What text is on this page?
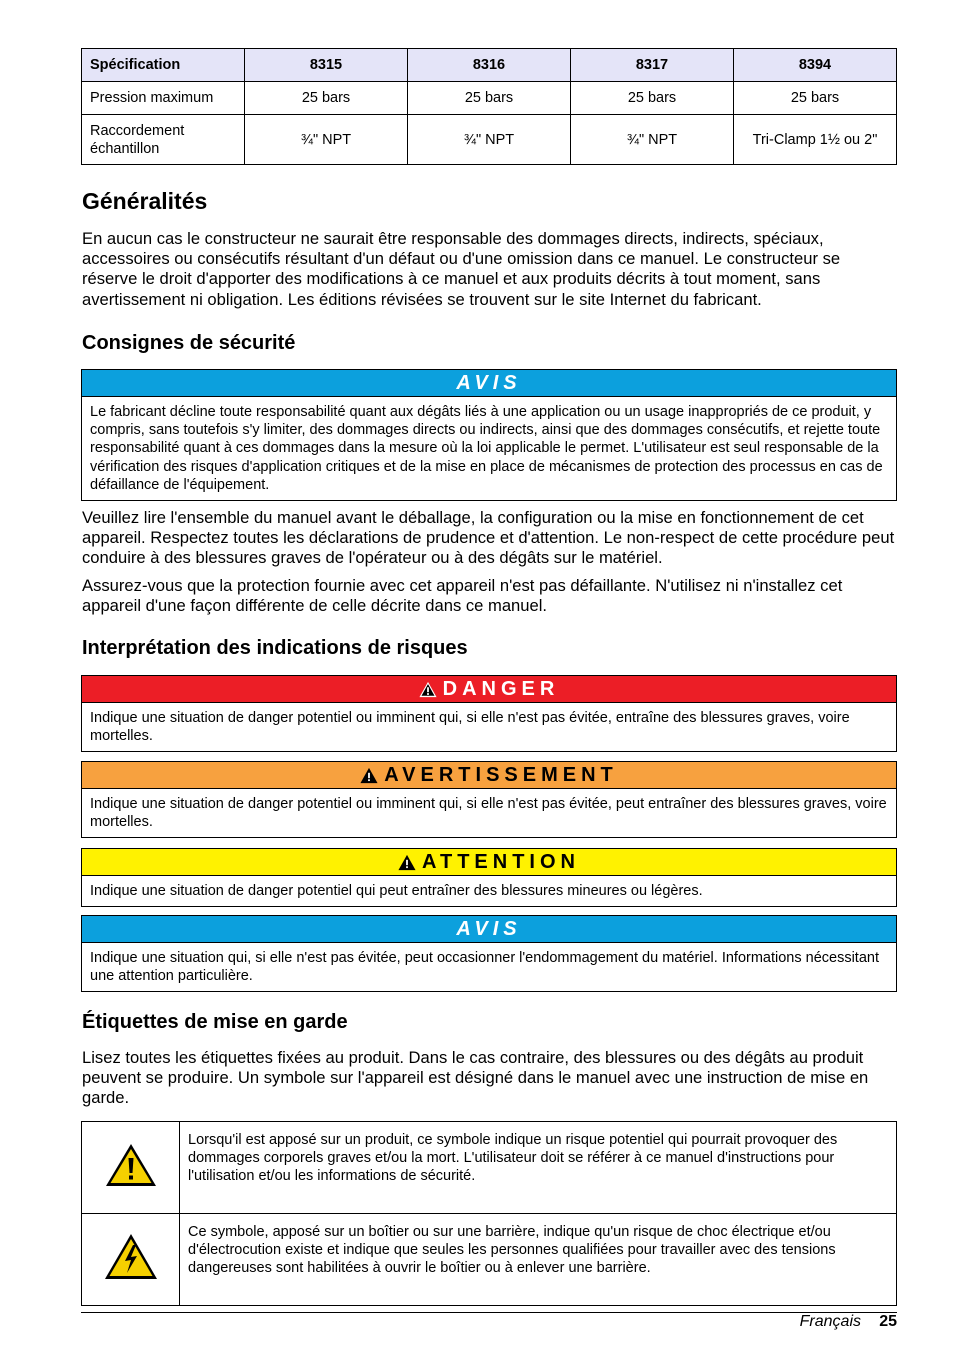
Spécification	8315	8316	8317	8394
Pression maximum	25 bars	25 bars	25 bars	25 bars
Raccordement échantillon	¾" NPT	¾" NPT	¾" NPT	Tri-Clamp 1½ ou 2"
Généralités

En aucun cas le constructeur ne saurait être responsable des dommages directs, indirects, spéciaux, accessoires ou consécutifs résultant d'un défaut ou d'une omission dans ce manuel. Le constructeur se réserve le droit d'apporter des modifications à ce manuel et aux produits décrits à tout moment, sans avertissement ni obligation. Les éditions révisées se trouvent sur le site Internet du fabricant.

Consignes de sécurité
AVIS
Le fabricant décline toute responsabilité quant aux dégâts liés à une application ou un usage inappropriés de ce produit, y compris, sans toutefois s'y limiter, des dommages directs ou indirects, ainsi que des dommages consécutifs, et rejette toute responsabilité quant à ces dommages dans la mesure où la loi applicable le permet. L'utilisateur est seul responsable de la vérification des risques d'application critiques et de la mise en place de mécanismes de protection des processus en cas de défaillance de l'équipement.

Veuillez lire l'ensemble du manuel avant le déballage, la configuration ou la mise en fonctionnement de cet appareil. Respectez toutes les déclarations de prudence et d'attention. Le non-respect de cette procédure peut conduire à des blessures graves de l'opérateur ou à des dégâts sur le matériel.

Assurez-vous que la protection fournie avec cet appareil n'est pas défaillante. N'utilisez ni n'installez cet appareil d'une façon différente de celle décrite dans ce manuel.

Interprétation des indications de risques
DANGER
Indique une situation de danger potentiel ou imminent qui, si elle n'est pas évitée, entraîne des blessures graves, voire mortelles.
AVERTISSEMENT
Indique une situation de danger potentiel ou imminent qui, si elle n'est pas évitée, peut entraîner des blessures graves, voire mortelles.
ATTENTION
Indique une situation de danger potentiel qui peut entraîner des blessures mineures ou légères.
AVIS
Indique une situation qui, si elle n'est pas évitée, peut occasionner l'endommagement du matériel. Informations nécessitant une attention particulière.
Étiquettes de mise en garde

Lisez toutes les étiquettes fixées au produit. Dans le cas contraire, des blessures ou des dégâts au produit peuvent se produire. Un symbole sur l'appareil est désigné dans le manuel avec une instruction de mise en garde.

	Lorsqu'il est apposé sur un produit, ce symbole indique un risque potentiel qui pourrait provoquer des dommages corporels graves et/ou la mort. L'utilisateur doit se référer à ce manuel d'instructions pour l'utilisation et/ou les informations de sécurité.
	Ce symbole, apposé sur un boîtier ou sur une barrière, indique qu'un risque de choc électrique et/ou d'électrocution existe et indique que seules les personnes qualifiées pour travailler avec des tensions dangereuses sont habilitées à ouvrir le boîtier ou à enlever une barrière.
Français 25
